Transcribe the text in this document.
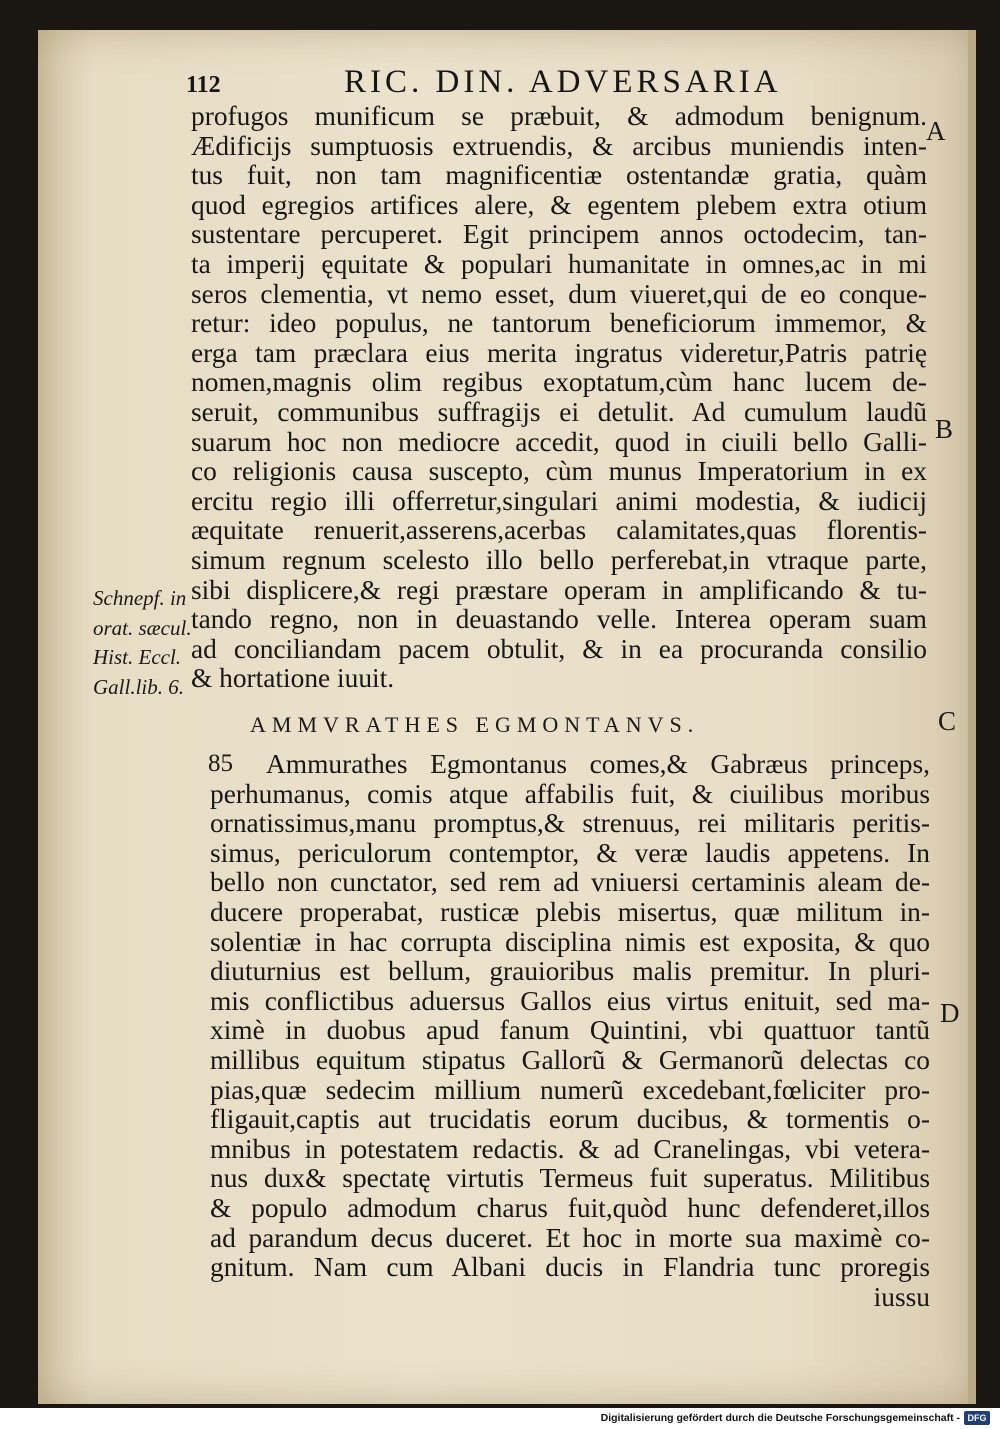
112	RIC. DIN. ADVERSARIA
A
B
C
D
Schnepf. in
orat. sæcul.
Hist. Eccl.
Gall.lib. 6.
profugos munificum se præbuit, & admodum benignum.
Ædificijs sumptuosis extruendis, & arcibus muniendis inten-
tus fuit, non tam magnificentiæ ostentandæ gratia, quàm
quod egregios artifices alere, & egentem plebem extra otium
sustentare percuperet. Egit principem annos octodecim, tan-
ta imperij ęquitate & populari humanitate in omnes,ac in mi
seros clementia, vt nemo esset, dum viueret,qui de eo conque-
retur: ideo populus, ne tantorum beneficiorum immemor, &
erga tam præclara eius merita ingratus videretur,Patris patrię
nomen,magnis olim regibus exoptatum,cùm hanc lucem de-
seruit, communibus suffragijs ei detulit. Ad cumulum laudũ
suarum hoc non mediocre accedit, quod in ciuili bello Galli-
co religionis causa suscepto, cùm munus Imperatorium in ex
ercitu regio illi offerretur,singulari animi modestia, & iudicij
æquitate renuerit,asserens,acerbas calamitates,quas florentis-
simum regnum scelesto illo bello perferebat,in vtraque parte,
sibi displicere,& regi præstare operam in amplificando & tu-
tando regno, non in deuastando velle. Interea operam suam
ad conciliandam pacem obtulit, & in ea procuranda consilio
& hortatione iuuit.
AMMVRATHES EGMONTANVS.
85	Ammurathes Egmontanus comes,& Gabræus princeps,
perhumanus, comis atque affabilis fuit, & ciuilibus moribus
ornatissimus,manu promptus,& strenuus, rei militaris peritis-
simus, periculorum contemptor, & veræ laudis appetens. In
bello non cunctator, sed rem ad vniuersi certaminis aleam de-
ducere properabat, rusticæ plebis misertus, quæ militum in-
solentiæ in hac corrupta disciplina nimis est exposita, & quo
diuturnius est bellum, grauioribus malis premitur. In pluri-
mis conflictibus aduersus Gallos eius virtus enituit, sed ma-
ximè in duobus apud fanum Quintini, vbi quattuor tantũ
millibus equitum stipatus Gallorũ & Germanorũ delectas co
pias,quæ sedecim millium numerũ excedebant,fœliciter pro-
fligauit,captis aut trucidatis eorum ducibus, & tormentis o-
mnibus in potestatem redactis. & ad Cranelingas, vbi vetera-
nus dux& spectatę virtutis Termeus fuit superatus. Militibus
& populo admodum charus fuit,quòd hunc defenderet,illos
ad parandum decus duceret. Et hoc in morte sua maximè co-
gnitum. Nam cum Albani ducis in Flandria tunc proregis
iussu
Digitalisierung gefördert durch die Deutsche Forschungsgemeinschaft - DFG
